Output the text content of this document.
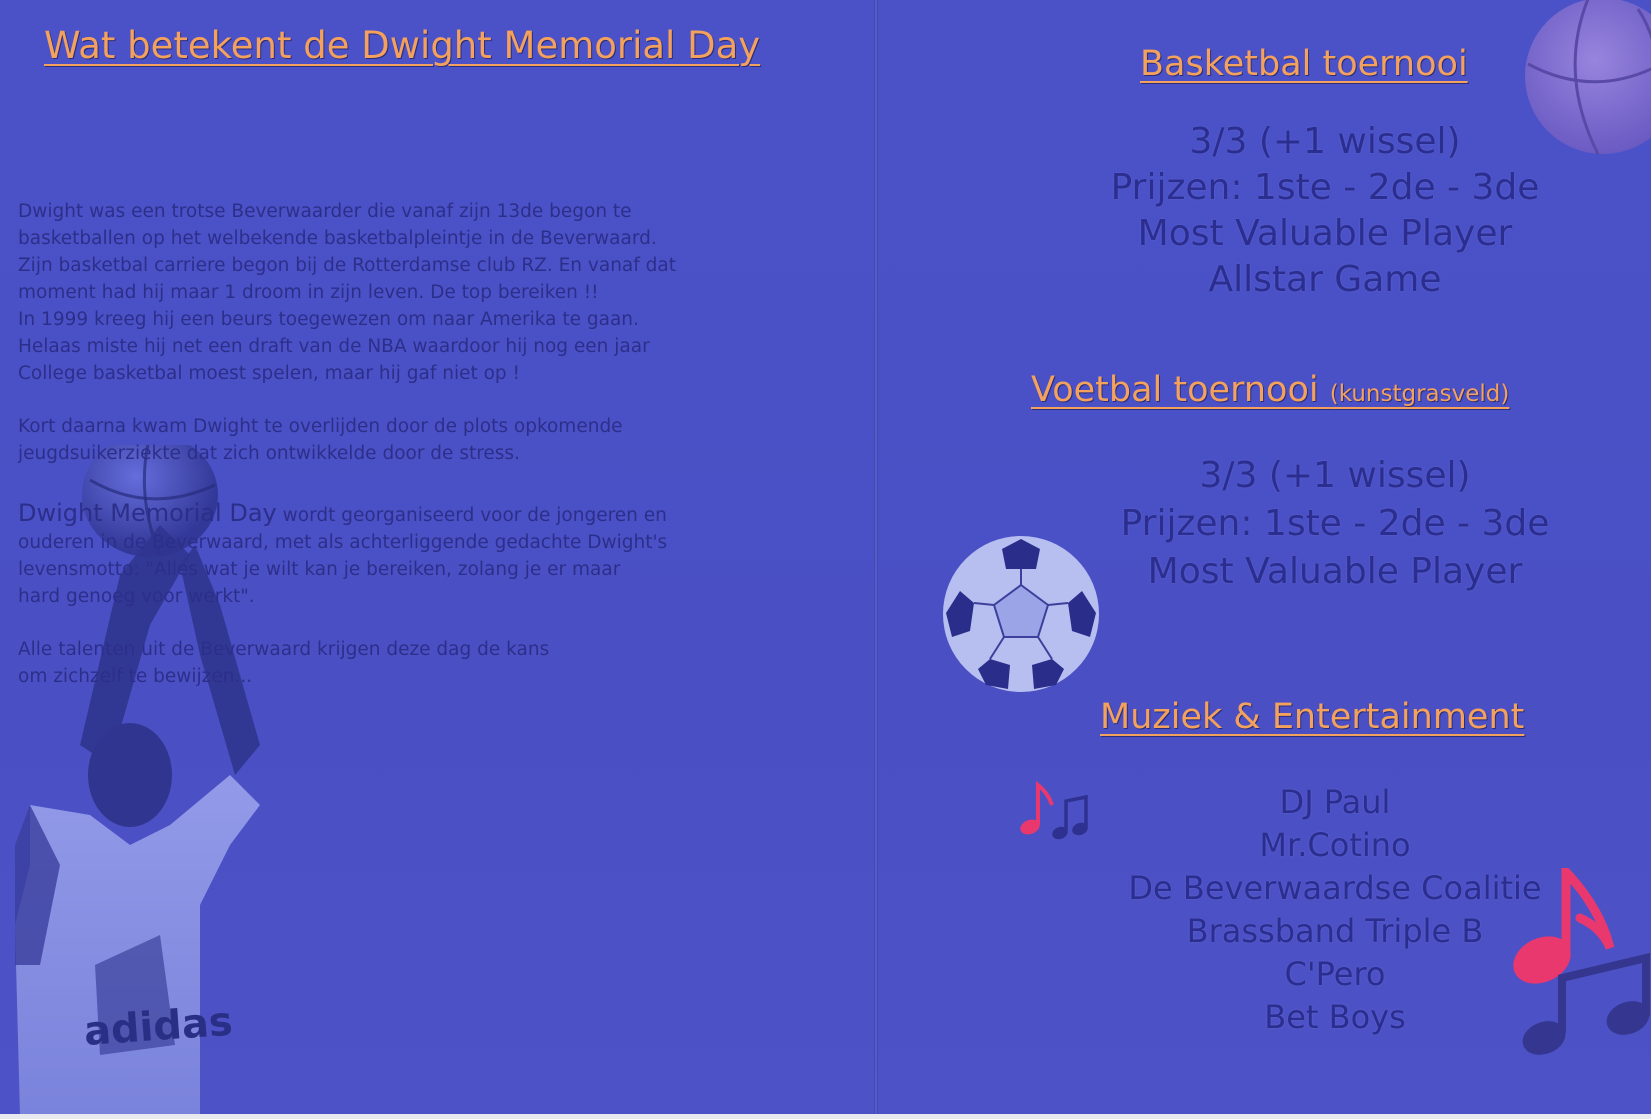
adidas
Wat betekent de Dwight Memorial Day

Dwight was een trotse Beverwaarder die vanaf zijn 13de begon te

basketballen op het welbekende basketbalpleintje in de Beverwaard.

Zijn basketbal carriere begon bij de Rotterdamse club RZ. En vanaf dat

moment had hij maar 1 droom in zijn leven. De top bereiken !!

In 1999 kreeg hij een beurs toegewezen om naar Amerika te gaan.

Helaas miste hij net een draft van de NBA waardoor hij nog een jaar

College basketbal moest spelen, maar hij gaf niet op !

Kort daarna kwam Dwight te overlijden door de plots opkomende

jeugdsuikerziekte dat zich ontwikkelde door de stress.

Dwight Memorial Day wordt georganiseerd voor de jongeren en

ouderen in de Beverwaard, met als achterliggende gedachte Dwight's

levensmotto: "Alles wat je wilt kan je bereiken, zolang je er maar

hard genoeg voor werkt".

Alle talenten uit de Beverwaard krijgen deze dag de kans

om zichzelf te bewijzen...

Basketbal toernooi
3/3 (+1 wissel)
Prijzen: 1ste - 2de - 3de
Most Valuable Player
Allstar Game
Voetbal toernooi (kunstgrasveld)
3/3 (+1 wissel)
Prijzen: 1ste - 2de - 3de
Most Valuable Player
Muziek & Entertainment
DJ Paul
Mr.Cotino
De Beverwaardse Coalitie
Brassband Triple B
C'Pero
Bet Boys
